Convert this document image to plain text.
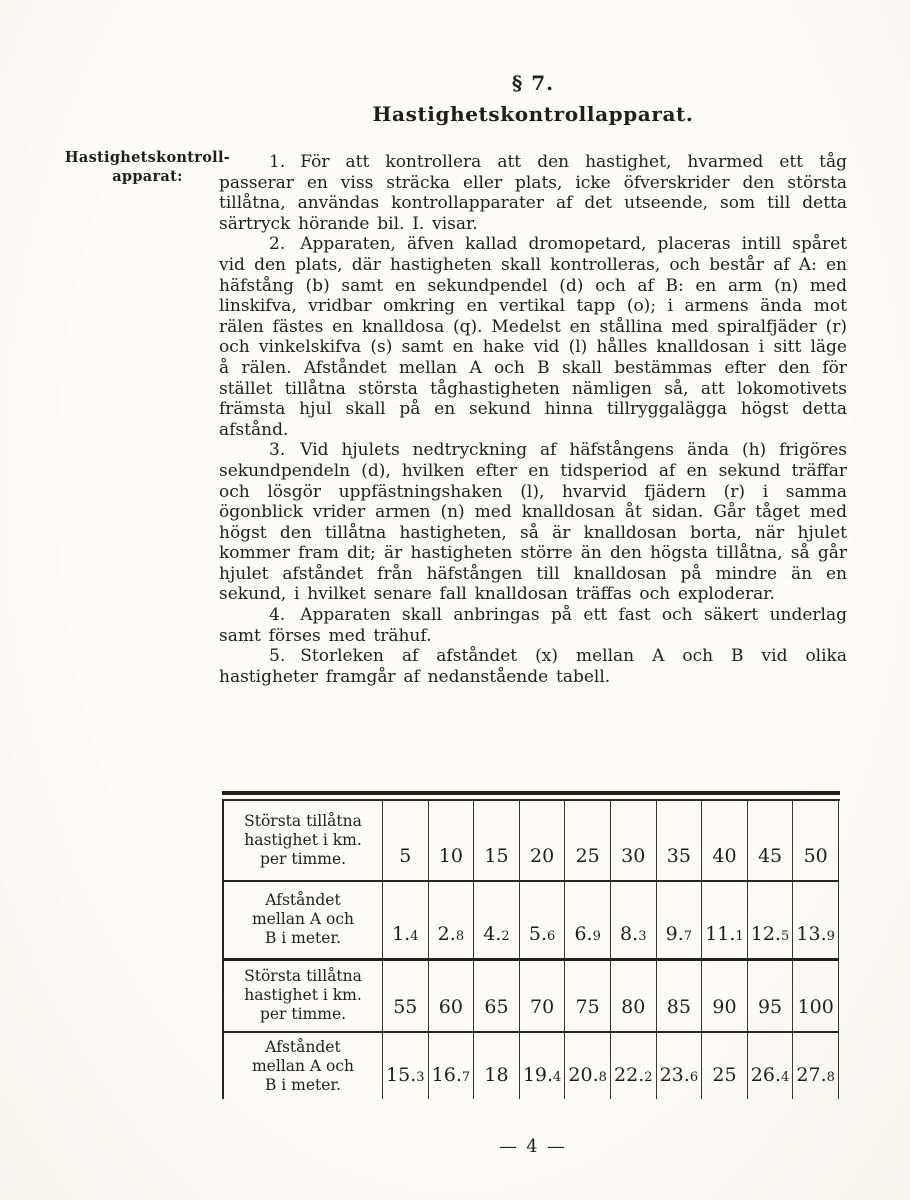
Hastighetskontroll-
apparat:
§ 7.
Hastighetskontrollapparat.

1. För att kontrollera att den hastighet, hvarmed ett tåg passerar en viss sträcka eller plats, icke öfverskrider den största tillåtna, användas kontrollapparater af det utseende, som till detta särtryck hörande bil. I. visar.

2. Apparaten, äfven kallad dromopetard, placeras intill spåret vid den plats, där hastigheten skall kontrolleras, och består af A: en häfstång (b) samt en sekundpendel (d) och af B: en arm (n) med linskifva, vridbar omkring en vertikal tapp (o); i armens ända mot rälen fästes en knalldosa (q). Medelst en stållina med spiralfjäder (r) och vinkelskifva (s) samt en hake vid (l) hålles knalldosan i sitt läge å rälen. Afståndet mellan A och B skall bestämmas efter den för stället tillåtna största tåghastigheten nämligen så, att lokomotivets främsta hjul skall på en sekund hinna tillryggalägga högst detta afstånd.

3. Vid hjulets nedtryckning af häfstångens ända (h) frigöres sekundpendeln (d), hvilken efter en tidsperiod af en sekund träffar och lösgör uppfästningshaken (l), hvarvid fjädern (r) i samma ögonblick vrider armen (n) med knalldosan åt sidan. Går tåget med högst den tillåtna hastigheten, så är knalldosan borta, när hjulet kommer fram dit; är hastigheten större än den högsta tillåtna, så går hjulet afståndet från häfstången till knalldosan på mindre än en sekund, i hvilket senare fall knalldosan träffas och exploderar.

4. Apparaten skall anbringas på ett fast och säkert underlag samt förses med trähuf.

5. Storleken af afståndet (x) mellan A och B vid olika hastigheter framgår af nedanstående tabell.

Största tillåtna
hastighet i km.
per timme.	5	10	15	20	25	30	35	40	45	50

Afståndet
mellan A och
B i meter.	1.4	2.8	4.2	5.6	6.9	8.3	9.7	11.1	12.5	13.9

Största tillåtna
hastighet i km.
per timme.	55	60	65	70	75	80	85	90	95	100

Afståndet
mellan A och
B i meter.	15.3	16.7	18	19.4	20.8	22.2	23.6	25	26.4	27.8
— 4 —
